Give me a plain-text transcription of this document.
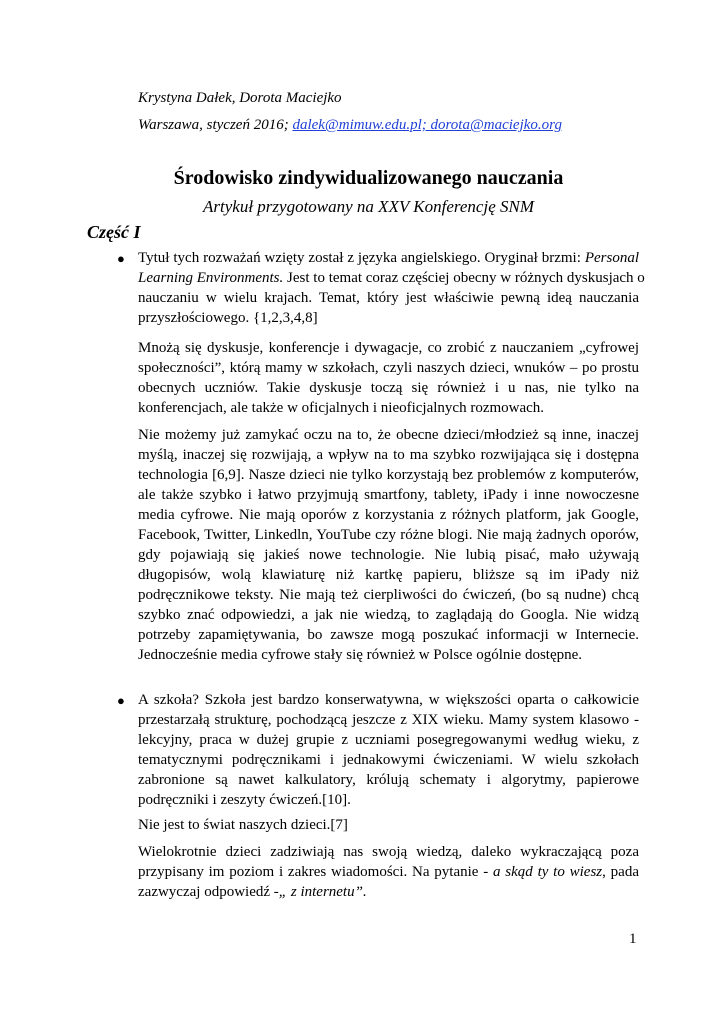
Krystyna Dałek, Dorota Maciejko
Warszawa, styczeń 2016; dalek@mimuw.edu.pl; dorota@maciejko.org
Środowisko zindywidualizowanego nauczania
Artykuł przygotowany na XXV Konferencję SNM
Część I
● Tytuł tych rozważań wzięty został z języka angielskiego. Oryginał brzmi: Personal
Learning Environments. Jest to temat coraz częściej obecny w różnych dyskusjach o
nauczaniu w wielu krajach. Temat, który jest właściwie pewną ideą nauczania
przyszłościowego. {1,2,3,4,8]
Mnożą się dyskusje, konferencje i dywagacje, co zrobić z nauczaniem „cyfrowej
społeczności”, którą mamy w szkołach, czyli naszych dzieci, wnuków – po prostu
obecnych uczniów. Takie dyskusje toczą się również i u nas, nie tylko na
konferencjach, ale także w oficjalnych i nieoficjalnych rozmowach.
Nie możemy już zamykać oczu na to, że obecne dzieci/młodzież są inne, inaczej
myślą, inaczej się rozwijają, a wpływ na to ma szybko rozwijająca się i dostępna
technologia [6,9]. Nasze dzieci nie tylko korzystają bez problemów z komputerów,
ale także szybko i łatwo przyjmują smartfony, tablety, iPady i inne nowoczesne
media cyfrowe. Nie mają oporów z korzystania z różnych platform, jak Google,
Facebook, Twitter, Linkedln, YouTube czy różne blogi. Nie mają żadnych oporów,
gdy pojawiają się jakieś nowe technologie. Nie lubią pisać, mało używają
długopisów, wolą klawiaturę niż kartkę papieru, bliższe są im iPady niż
podręcznikowe teksty. Nie mają też cierpliwości do ćwiczeń, (bo są nudne) chcą
szybko znać odpowiedzi, a jak nie wiedzą, to zaglądają do Googla. Nie widzą
potrzeby zapamiętywania, bo zawsze mogą poszukać informacji w Internecie.
Jednocześnie media cyfrowe stały się również w Polsce ogólnie dostępne.
● A szkoła? Szkoła jest bardzo konserwatywna, w większości oparta o całkowicie
przestarzałą strukturę, pochodzącą jeszcze z XIX wieku. Mamy system klasowo -
lekcyjny, praca w dużej grupie z uczniami posegregowanymi według wieku, z
tematycznymi podręcznikami i jednakowymi ćwiczeniami. W wielu szkołach
zabronione są nawet kalkulatory, królują schematy i algorytmy, papierowe
podręczniki i zeszyty ćwiczeń.[10].
Nie jest to świat naszych dzieci.[7]
Wielokrotnie dzieci zadziwiają nas swoją wiedzą, daleko wykraczającą poza
przypisany im poziom i zakres wiadomości. Na pytanie - a skąd ty to wiesz, pada
zazwyczaj odpowiedź -„ z internetu”.
1
